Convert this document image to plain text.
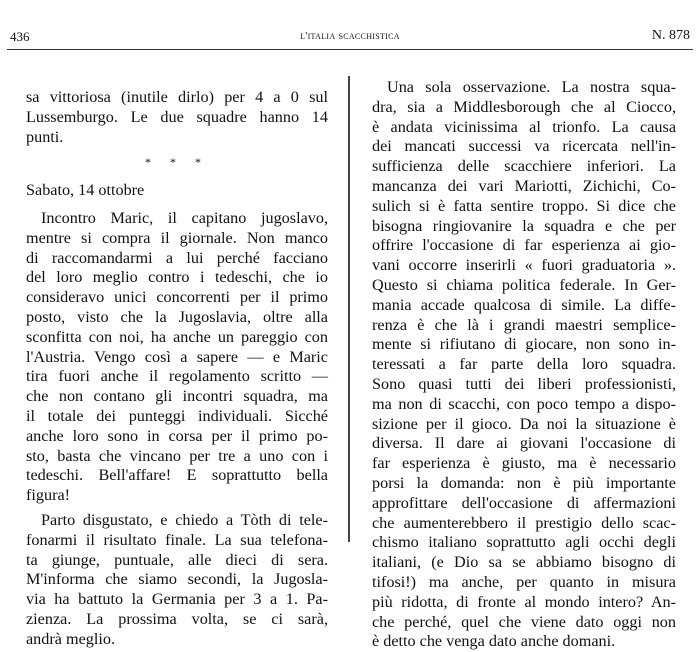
436	l'italia scacchistica	N. 878
sa vittoriosa (inutile dirlo) per 4 a 0 sul
Lussemburgo. Le due squadre hanno 14
punti.
* * *
Sabato, 14 ottobre
Incontro Maric, il capitano jugoslavo,
mentre si compra il giornale. Non manco
di raccomandarmi a lui perché facciano
del loro meglio contro i tedeschi, che io
consideravo unici concorrenti per il primo
posto, visto che la Jugoslavia, oltre alla
sconfitta con noi, ha anche un pareggio con
l'Austria. Vengo così a sapere — e Maric
tira fuori anche il regolamento scritto —
che non contano gli incontri squadra, ma
il totale dei punteggi individuali. Sicché
anche loro sono in corsa per il primo po-
sto, basta che vincano per tre a uno con i
tedeschi. Bell'affare! E soprattutto bella
figura!
Parto disgustato, e chiedo a Tòth di tele-
fonarmi il risultato finale. La sua telefona-
ta giunge, puntuale, alle dieci di sera.
M'informa che siamo secondi, la Jugosla-
via ha battuto la Germania per 3 a 1. Pa-
zienza. La prossima volta, se ci sarà,
andrà meglio.
Una sola osservazione. La nostra squa-
dra, sia a Middlesborough che al Ciocco,
è andata vicinissima al trionfo. La causa
dei mancati successi va ricercata nell'in-
sufficienza delle scacchiere inferiori. La
mancanza dei vari Mariotti, Zichichi, Co-
sulich si è fatta sentire troppo. Si dice che
bisogna ringiovanire la squadra e che per
offrire l'occasione di far esperienza ai gio-
vani occorre inserirli « fuori graduatoria ».
Questo si chiama politica federale. In Ger-
mania accade qualcosa di simile. La diffe-
renza è che là i grandi maestri semplice-
mente si rifiutano di giocare, non sono in-
teressati a far parte della loro squadra.
Sono quasi tutti dei liberi professionisti,
ma non di scacchi, con poco tempo a dispo-
sizione per il gioco. Da noi la situazione è
diversa. Il dare ai giovani l'occasione di
far esperienza è giusto, ma è necessario
porsi la domanda: non è più importante
approfittare dell'occasione di affermazioni
che aumenterebbero il prestigio dello scac-
chismo italiano soprattutto agli occhi degli
italiani, (e Dio sa se abbiamo bisogno di
tifosi!) ma anche, per quanto in misura
più ridotta, di fronte al mondo intero? An-
che perché, quel che viene dato oggi non
è detto che venga dato anche domani.
